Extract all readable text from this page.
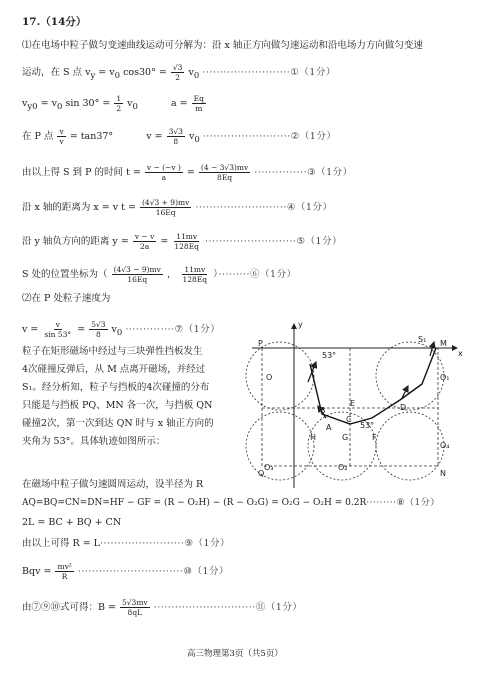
17.（14分）
⑴在电场中粒子做匀变速曲线运动可分解为：沿 x 轴正方向做匀速运动和沿电场力方向做匀变速
运动，在 S 点 $v_y = v_0$ $\cos 30^\circ = \frac{√3}{2} v_0$ ·························①（1分）
$v_{y0} = v_0$ $\sin 30^\circ = \frac{1}{2} v_0$	$a = \frac{Eq}{m}$
在 P 点 $\frac{v}{v} = \tan 37^\circ$	$v = \frac{3√3}{8} v_0$ ·························②（1分）
由以上得 S 到 P 的时间 $t = \frac{v - (-v )}{a} = \frac{(4 - 3√3)mv}{8Eq}$ ···············③（1分）
沿 x 轴的距离为 x = v $t = \frac{(4√3 + 9)mv}{16Eq}$ ··························④（1分）
沿 y 轴负方向的距离 $y = \frac{v - v}{2a} = \frac{11mv}{128Eq}$ ··························⑤（1分）
S 处的位置坐标为（ $\frac{(4√3 - 9)mv}{16Eq}$ ， $\frac{11mv}{128Eq}$ ）·········⑥（1分）
⑵在 P 处粒子速度为
$v = \frac{v}{\sin 53^\circ} = \frac{5√3}{8} v_0$ ··············⑦（1分）
粒子在矩形磁场中经过与三块弹性挡板发生
4次碰撞反弹后，从 M 点离开磁场，并经过
S₁。经分析知，粒子与挡板的4次碰撞的分布
只能是与挡板 PQ、MN 各一次，与挡板 QN
碰撞2次，第一次到达 QN 时与 x 轴正方向的
夹角为 53°。具体轨迹如图所示：
y
x
O
O₃	O₂
O₁
O₄
53°
53°
A
B
C
D
P
Q
M
N
S₁
H	G	F
E
在磁场中粒子做匀速圆周运动，设半径为 R
AQ=BQ=CN=DN=HF − GF = (R − O₂H) − (R − O₂G) = O₂G − O₂H = 0.2R·········⑧（1分）
2L = BC + BQ + CN
由以上可得 R = L························⑨（1分）
Bqv = $\frac{\text{mv²}}{R}$ ······························⑩（1分）
由⑦⑨⑩式可得：$B = \frac{5√3mv}{8qL}$ ·····························⑪（1分）
高三物理第3页（共5页）
